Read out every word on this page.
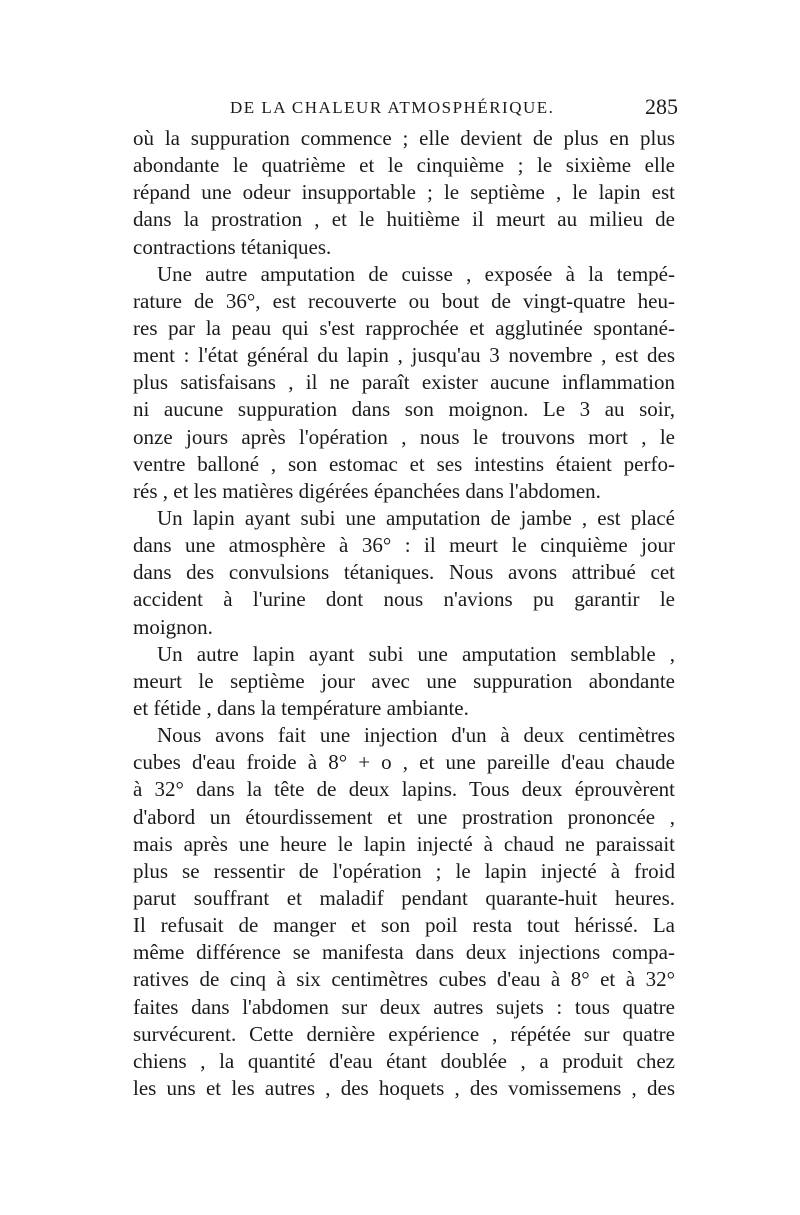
DE LA CHALEUR ATMOSPHÉRIQUE.	285
où la suppuration commence ; elle devient de plus en plus
abondante le quatrième et le cinquième ; le sixième elle
répand une odeur insupportable ; le septième , le lapin est
dans la prostration , et le huitième il meurt au milieu de
contractions tétaniques.
Une autre amputation de cuisse , exposée à la tempé-
rature de 36°, est recouverte ou bout de vingt-quatre heu-
res par la peau qui s'est rapprochée et agglutinée spontané-
ment : l'état général du lapin , jusqu'au 3 novembre , est des
plus satisfaisans , il ne paraît exister aucune inflammation
ni aucune suppuration dans son moignon. Le 3 au soir,
onze jours après l'opération , nous le trouvons mort , le
ventre balloné , son estomac et ses intestins étaient perfo-
rés , et les matières digérées épanchées dans l'abdomen.
Un lapin ayant subi une amputation de jambe , est placé
dans une atmosphère à 36° : il meurt le cinquième jour
dans des convulsions tétaniques. Nous avons attribué cet
accident à l'urine dont nous n'avions pu garantir le
moignon.
Un autre lapin ayant subi une amputation semblable ,
meurt le septième jour avec une suppuration abondante
et fétide , dans la température ambiante.
Nous avons fait une injection d'un à deux centimètres
cubes d'eau froide à 8° + o , et une pareille d'eau chaude
à 32° dans la tête de deux lapins. Tous deux éprouvèrent
d'abord un étourdissement et une prostration prononcée ,
mais après une heure le lapin injecté à chaud ne paraissait
plus se ressentir de l'opération ; le lapin injecté à froid
parut souffrant et maladif pendant quarante-huit heures.
Il refusait de manger et son poil resta tout hérissé. La
même différence se manifesta dans deux injections compa-
ratives de cinq à six centimètres cubes d'eau à 8° et à 32°
faites dans l'abdomen sur deux autres sujets : tous quatre
survécurent. Cette dernière expérience , répétée sur quatre
chiens , la quantité d'eau étant doublée , a produit chez
les uns et les autres , des hoquets , des vomissemens , des
